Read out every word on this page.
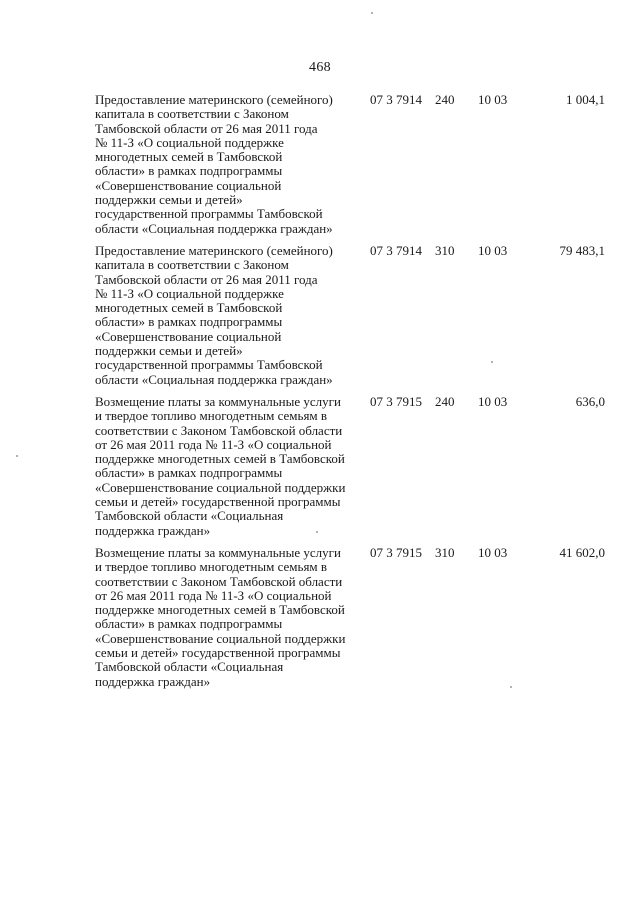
468
Предоставление материнского (семейного)
капитала в соответствии с Законом
Тамбовской области от 26 мая 2011 года
№ 11-З «О социальной поддержке
многодетных семей в Тамбовской
области» в рамках подпрограммы
«Совершенствование социальной
поддержки семьи и детей»
государственной программы Тамбовской
области «Социальная поддержка граждан»
07 3 7914	240	10 03	1 004,1
Предоставление материнского (семейного)
капитала в соответствии с Законом
Тамбовской области от 26 мая 2011 года
№ 11-З «О социальной поддержке
многодетных семей в Тамбовской
области» в рамках подпрограммы
«Совершенствование социальной
поддержки семьи и детей»
государственной программы Тамбовской
области «Социальная поддержка граждан»
07 3 7914	310	10 03	79 483,1
Возмещение платы за коммунальные услуги
и твердое топливо многодетным семьям в
соответствии с Законом Тамбовской области
от 26 мая 2011 года № 11-З «О социальной
поддержке многодетных семей в Тамбовской
области» в рамках подпрограммы
«Совершенствование социальной поддержки
семьи и детей» государственной программы
Тамбовской области «Социальная
поддержка граждан»
07 3 7915	240	10 03	636,0
Возмещение платы за коммунальные услуги
и твердое топливо многодетным семьям в
соответствии с Законом Тамбовской области
от 26 мая 2011 года № 11-З «О социальной
поддержке многодетных семей в Тамбовской
области» в рамках подпрограммы
«Совершенствование социальной поддержки
семьи и детей» государственной программы
Тамбовской области «Социальная
поддержка граждан»
07 3 7915	310	10 03	41 602,0
